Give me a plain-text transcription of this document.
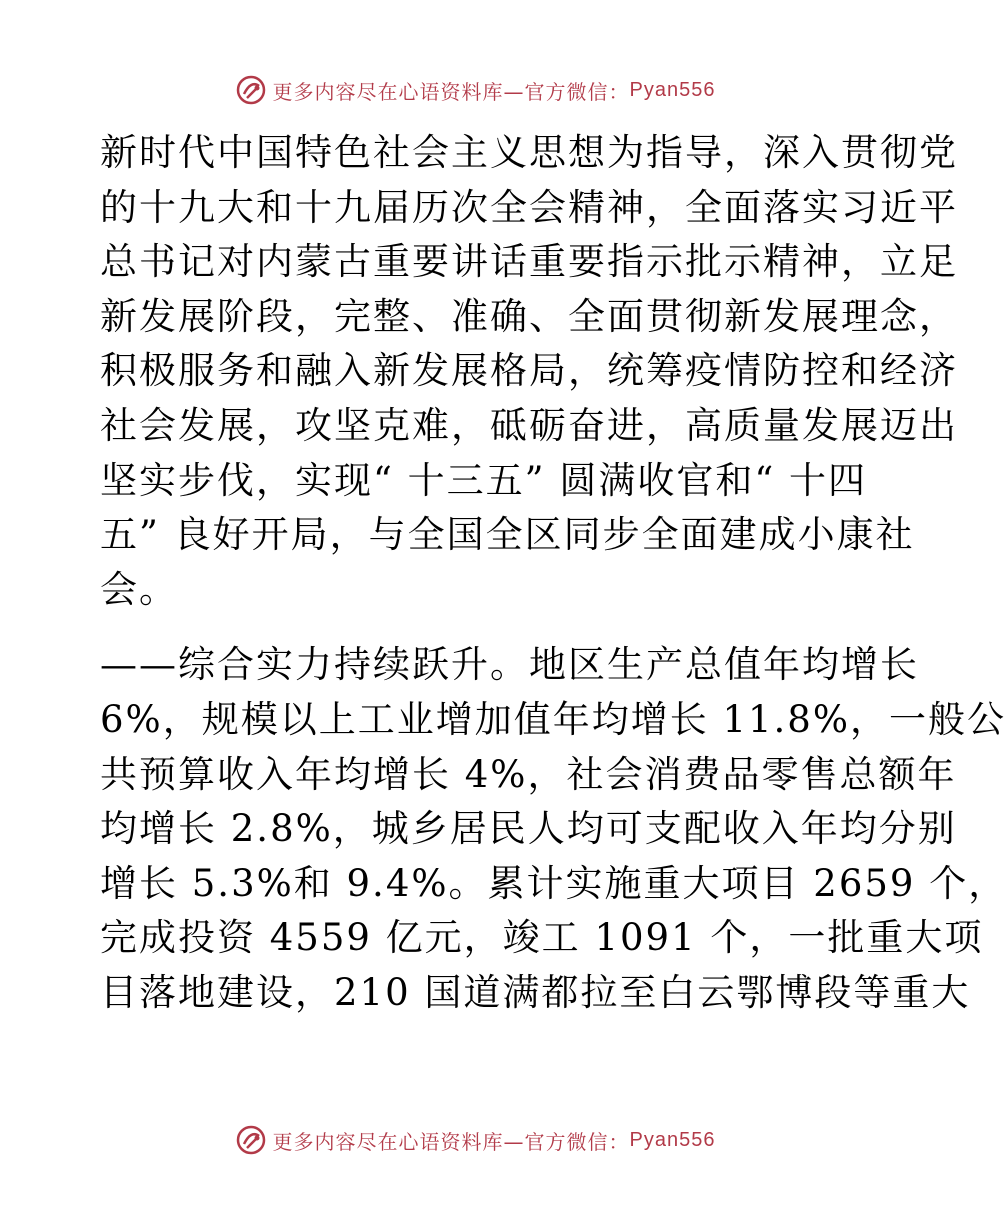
更多内容尽在心语资料库—官方微信： Pyan556
新时代中国特色社会主义思想为指导，深入贯彻党
的十九大和十九届历次全会精神，全面落实习近平
总书记对内蒙古重要讲话重要指示批示精神，立足
新发展阶段，完整、准确、全面贯彻新发展理念，
积极服务和融入新发展格局，统筹疫情防控和经济
社会发展，攻坚克难，砥砺奋进，高质量发展迈出
坚实步伐，实现“ 十三五” 圆满收官和“ 十四
五” 良好开局，与全国全区同步全面建成小康社
会。
——综合实力持续跃升。地区生产总值年均增长
6%，规模以上工业增加值年均增长 11.8%，一般公
共预算收入年均增长 4%，社会消费品零售总额年
均增长 2.8%，城乡居民人均可支配收入年均分别
增长 5.3%和 9.4%。累计实施重大项目 2659 个，
完成投资 4559 亿元，竣工 1091 个，一批重大项
目落地建设，210 国道满都拉至白云鄂博段等重大
更多内容尽在心语资料库—官方微信： Pyan556
